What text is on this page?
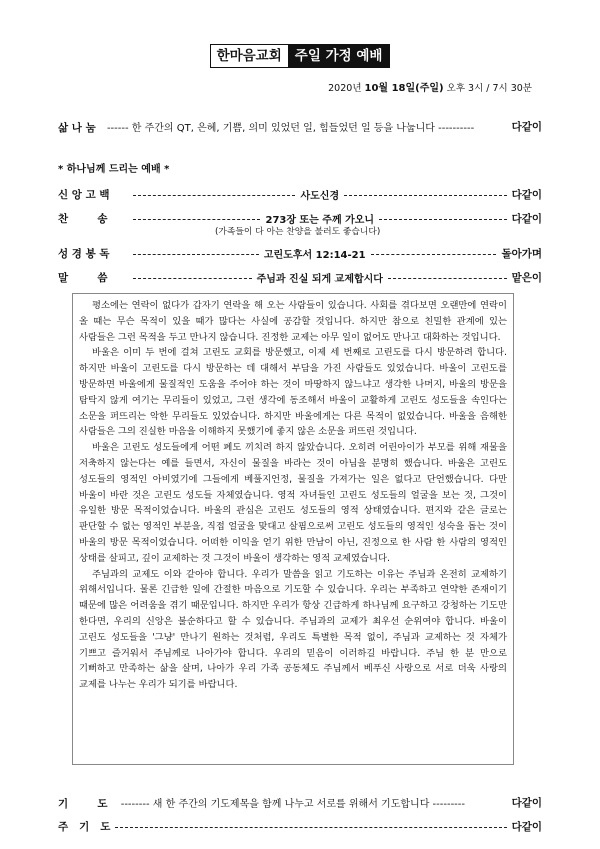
한마음교회 주일 가정 예배
2020년 10월 18일(주일) 오후 3시 / 7시 30분
삶 나 눔 ------ 한 주간의 QT, 은혜, 기쁨, 의미 있었던 일, 힘들었던 일 등을 나눕니다 ----------	다같이
* 하나님께 드리는 예배 *
신 앙 고 백	사도신경	다같이
찬        송	273장 또는 주께 가오니	다같이
(가족들이 다 아는 찬양을 불러도 좋습니다)
성 경 봉 독	고린도후서 12:14-21	돌아가며
말        씀	주님과 진실 되게 교제합시다	맡은이

평소에는 연락이 없다가 갑자기 연락을 해 오는 사람들이 있습니다. 사회를 겪다보면 오랜만에 연락이 올 때는 무슨 목적이 있을 때가 많다는 사실에 공감할 것입니다. 하지만 참으로 친밀한 관계에 있는 사람들은 그런 목적을 두고 만나지 않습니다. 진정한 교제는 아무 일이 없어도 만나고 대화하는 것입니다.

바울은 이미 두 번에 걸쳐 고린도 교회를 방문했고, 이제 세 번째로 고린도를 다시 방문하려 합니다. 하지만 바울이 고린도를 다시 방문하는 데 대해서 부담을 가진 사람들도 있었습니다. 바울이 고린도를 방문하면 바울에게 물질적인 도움을 주어야 하는 것이 마땅하지 않느냐고 생각한 나머지, 바울의 방문을 탐탁지 않게 여기는 무리들이 있었고, 그런 생각에 동조해서 바울이 교활하게 고린도 성도들을 속인다는 소문을 퍼뜨리는 악한 무리들도 있었습니다. 하지만 바울에게는 다른 목적이 없었습니다. 바울을 음해한 사람들은 그의 진실한 마음을 이해하지 못했기에 좋지 않은 소문을 퍼뜨린 것입니다.

바울은 고린도 성도들에게 어떤 폐도 끼치려 하지 않았습니다. 오히려 어린아이가 부모를 위해 재물을 저축하지 않는다는 예를 들면서, 자신이 물질을 바라는 것이 아님을 분명히 했습니다. 바울은 고린도 성도들의 영적인 아비였기에 그들에게 베풀지언정, 물질을 가져가는 일은 없다고 단언했습니다. 다만 바울이 바란 것은 고린도 성도들 자체였습니다. 영적 자녀들인 고린도 성도들의 얼굴을 보는 것, 그것이 유일한 방문 목적이었습니다. 바울의 관심은 고린도 성도들의 영적 상태였습니다. 편지와 같은 글로는 판단할 수 없는 영적인 부분을, 직접 얼굴을 맞대고 살핌으로써 고린도 성도들의 영적인 성숙을 돕는 것이 바울의 방문 목적이었습니다. 어떠한 이익을 얻기 위한 만남이 아닌, 진정으로 한 사람 한 사람의 영적인 상태를 살피고, 깊이 교제하는 것 그것이 바울이 생각하는 영적 교제였습니다.

주님과의 교제도 이와 같아야 합니다. 우리가 말씀을 읽고 기도하는 이유는 주님과 온전히 교제하기 위해서입니다. 물론 긴급한 일에 간절한 마음으로 기도할 수 있습니다. 우리는 부족하고 연약한 존재이기 때문에 많은 어려움을 겪기 때문입니다. 하지만 우리가 항상 긴급하게 하나님께 요구하고 강청하는 기도만 한다면, 우리의 신앙은 불순하다고 할 수 있습니다. 주님과의 교제가 최우선 순위여야 합니다. 바울이 고린도 성도들을 '그냥' 만나기 원하는 것처럼, 우리도 특별한 목적 없이, 주님과 교제하는 것 자체가 기쁘고 즐거워서 주님께로 나아가야 합니다. 우리의 믿음이 이러하길 바랍니다. 주님 한 분 만으로 기뻐하고 만족하는 삶을 살며, 나아가 우리 가족 공동체도 주님께서 베푸신 사랑으로 서로 더욱 사랑의 교제를 나누는 우리가 되기를 바랍니다.

기        도 -------- 새 한 주간의 기도제목을 함께 나누고 서로를 위해서 기도합니다 ---------	다같이
주   기   도	다같이
